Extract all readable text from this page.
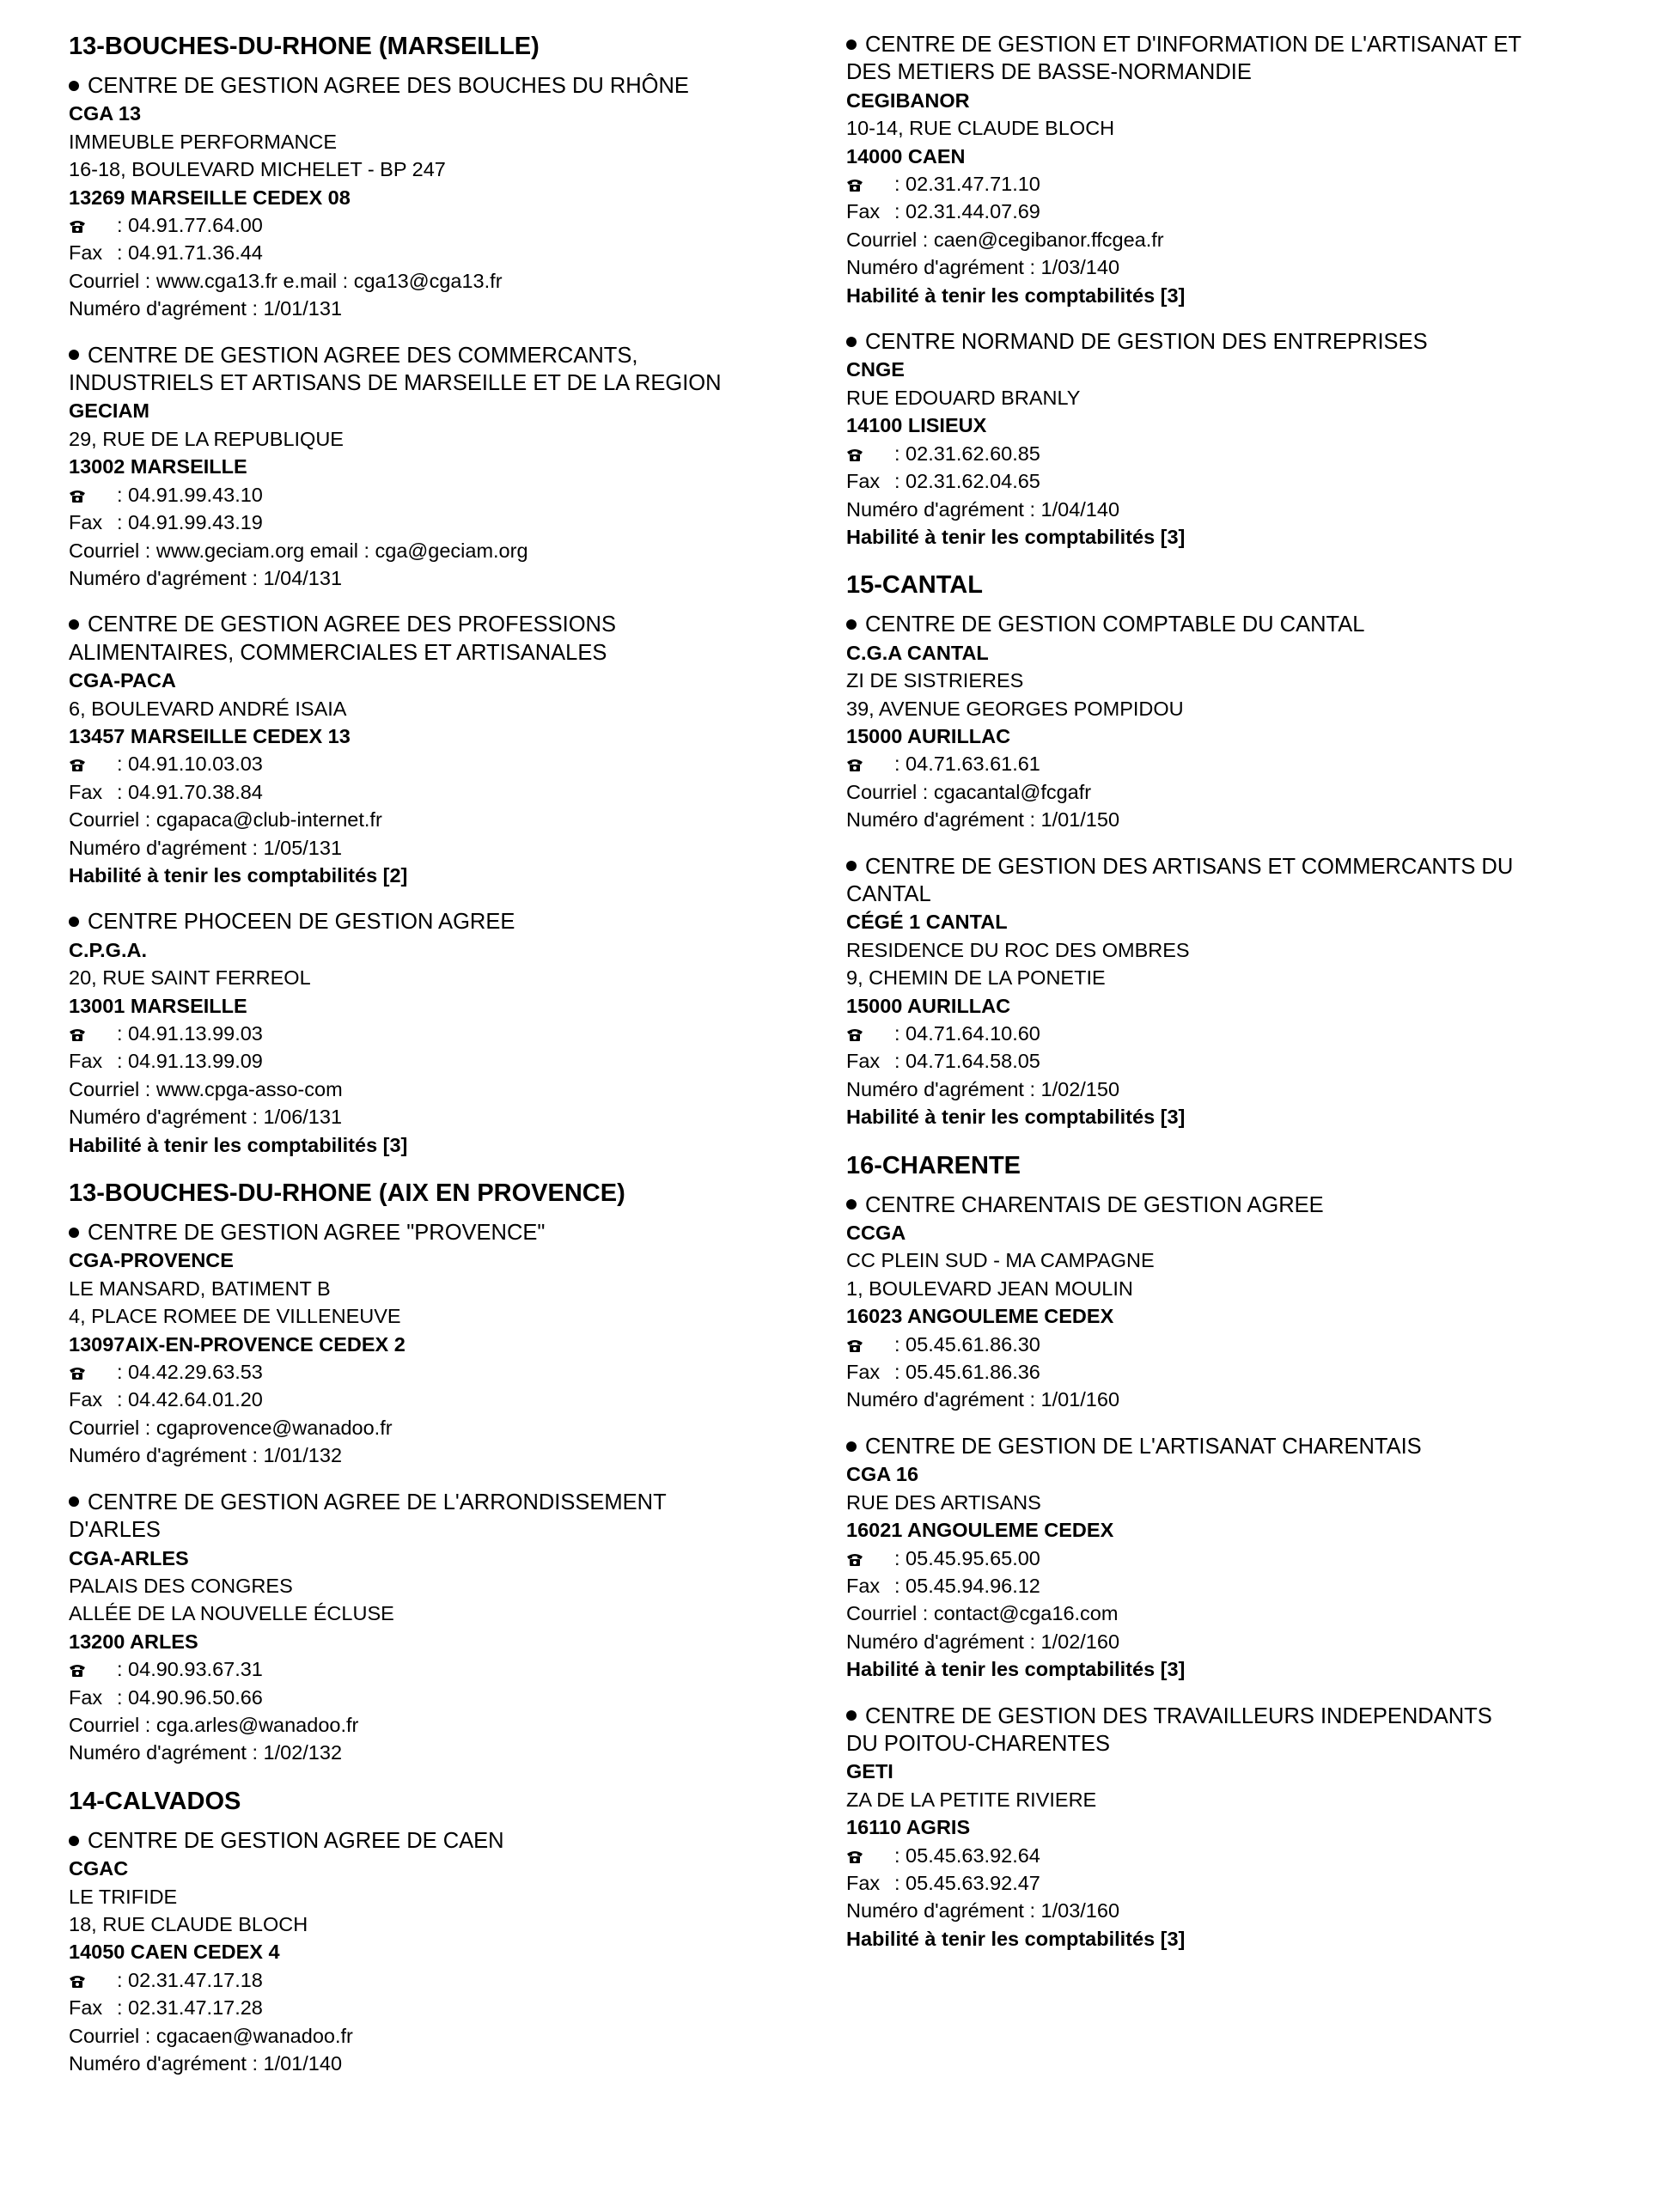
13-BOUCHES-DU-RHONE (MARSEILLE)
CENTRE DE GESTION AGREE DES BOUCHES DU RHÔNE
CGA 13
IMMEUBLE PERFORMANCE
16-18, BOULEVARD MICHELET - BP 247
13269 MARSEILLE CEDEX 08
: 04.91.77.64.00
Fax : 04.91.71.36.44
Courriel : www.cga13.fr e.mail : cga13@cga13.fr
Numéro d'agrément : 1/01/131
CENTRE DE GESTION AGREE DES COMMERCANTS,
INDUSTRIELS ET ARTISANS DE MARSEILLE ET DE LA REGION
GECIAM
29, RUE DE LA REPUBLIQUE
13002 MARSEILLE
: 04.91.99.43.10
Fax : 04.91.99.43.19
Courriel : www.geciam.org email : cga@geciam.org
Numéro d'agrément : 1/04/131
CENTRE DE GESTION AGREE DES PROFESSIONS
ALIMENTAIRES, COMMERCIALES ET ARTISANALES
CGA-PACA
6, BOULEVARD ANDRÉ ISAIA
13457 MARSEILLE CEDEX 13
: 04.91.10.03.03
Fax : 04.91.70.38.84
Courriel : cgapaca@club-internet.fr
Numéro d'agrément : 1/05/131
Habilité à tenir les comptabilités [2]
CENTRE PHOCEEN DE GESTION AGREE
C.P.G.A.
20, RUE SAINT FERREOL
13001 MARSEILLE
: 04.91.13.99.03
Fax : 04.91.13.99.09
Courriel : www.cpga-asso-com
Numéro d'agrément : 1/06/131
Habilité à tenir les comptabilités [3]
13-BOUCHES-DU-RHONE (AIX EN PROVENCE)
CENTRE DE GESTION AGREE "PROVENCE"
CGA-PROVENCE
LE MANSARD, BATIMENT B
4, PLACE ROMEE DE VILLENEUVE
13097AIX-EN-PROVENCE CEDEX 2
: 04.42.29.63.53
Fax : 04.42.64.01.20
Courriel : cgaprovence@wanadoo.fr
Numéro d'agrément : 1/01/132
CENTRE DE GESTION AGREE DE L'ARRONDISSEMENT
D'ARLES
CGA-ARLES
PALAIS DES CONGRES
ALLÉE DE LA NOUVELLE ÉCLUSE
13200 ARLES
: 04.90.93.67.31
Fax : 04.90.96.50.66
Courriel : cga.arles@wanadoo.fr
Numéro d'agrément : 1/02/132
14-CALVADOS
CENTRE DE GESTION AGREE DE CAEN
CGAC
LE TRIFIDE
18, RUE CLAUDE BLOCH
14050 CAEN CEDEX 4
: 02.31.47.17.18
Fax : 02.31.47.17.28
Courriel : cgacaen@wanadoo.fr
Numéro d'agrément : 1/01/140
CENTRE DE GESTION ET D'INFORMATION DE L'ARTISANAT ET
DES METIERS DE BASSE-NORMANDIE
CEGIBANOR
10-14, RUE CLAUDE BLOCH
14000 CAEN
: 02.31.47.71.10
Fax : 02.31.44.07.69
Courriel : caen@cegibanor.ffcgea.fr
Numéro d'agrément : 1/03/140
Habilité à tenir les comptabilités [3]
CENTRE NORMAND DE GESTION DES ENTREPRISES
CNGE
RUE EDOUARD BRANLY
14100 LISIEUX
: 02.31.62.60.85
Fax : 02.31.62.04.65
Numéro d'agrément : 1/04/140
Habilité à tenir les comptabilités [3]
15-CANTAL
CENTRE DE GESTION COMPTABLE DU CANTAL
C.G.A CANTAL
ZI DE SISTRIERES
39, AVENUE GEORGES POMPIDOU
15000 AURILLAC
: 04.71.63.61.61
Courriel : cgacantal@fcgafr
Numéro d'agrément : 1/01/150
CENTRE DE GESTION DES ARTISANS ET COMMERCANTS DU
CANTAL
CÉGÉ 1 CANTAL
RESIDENCE DU ROC DES OMBRES
9, CHEMIN DE LA PONETIE
15000 AURILLAC
: 04.71.64.10.60
Fax : 04.71.64.58.05
Numéro d'agrément : 1/02/150
Habilité à tenir les comptabilités [3]
16-CHARENTE
CENTRE CHARENTAIS DE GESTION AGREE
CCGA
CC PLEIN SUD - MA CAMPAGNE
1, BOULEVARD JEAN MOULIN
16023 ANGOULEME CEDEX
: 05.45.61.86.30
Fax : 05.45.61.86.36
Numéro d'agrément : 1/01/160
CENTRE DE GESTION DE L'ARTISANAT CHARENTAIS
CGA 16
RUE DES ARTISANS
16021 ANGOULEME CEDEX
: 05.45.95.65.00
Fax : 05.45.94.96.12
Courriel : contact@cga16.com
Numéro d'agrément : 1/02/160
Habilité à tenir les comptabilités [3]
CENTRE DE GESTION DES TRAVAILLEURS INDEPENDANTS
DU POITOU-CHARENTES
GETI
ZA DE LA PETITE RIVIERE
16110 AGRIS
: 05.45.63.92.64
Fax : 05.45.63.92.47
Numéro d'agrément : 1/03/160
Habilité à tenir les comptabilités [3]
